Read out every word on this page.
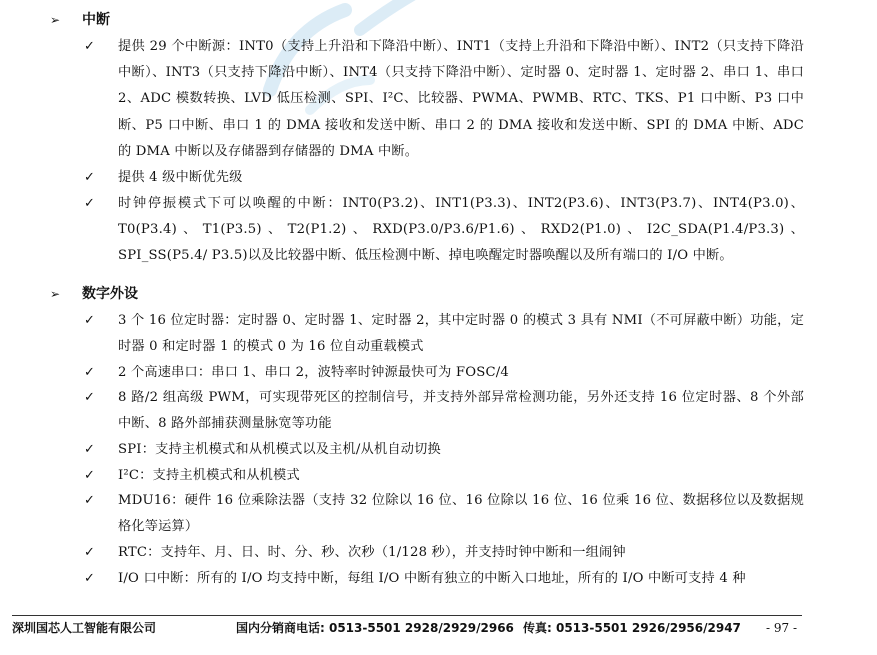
➢ 中断
✓ 提供 29 个中断源：INT0（支持上升沿和下降沿中断）、INT1（支持上升沿和下降沿中断）、INT2（只支持下降沿中断）、INT3（只支持下降沿中断）、INT4（只支持下降沿中断）、定时器 0、定时器 1、定时器 2、串口 1、串口 2、ADC 模数转换、LVD 低压检测、SPI、I²C、比较器、PWMA、PWMB、RTC、TKS、P1 口中断、P3 口中断、P5 口中断、串口 1 的 DMA 接收和发送中断、串口 2 的 DMA 接收和发送中断、SPI 的 DMA 中断、ADC 的 DMA 中断以及存储器到存储器的 DMA 中断。
✓ 提供 4 级中断优先级
✓ 时钟停振模式下可以唤醒的中断：INT0(P3.2)、INT1(P3.3)、INT2(P3.6)、INT3(P3.7)、INT4(P3.0)、T0(P3.4)、T1(P3.5)、T2(P1.2)、RXD(P3.0/P3.6/P1.6)、RXD2(P1.0)、I2C_SDA(P1.4/P3.3)、SPI_SS(P5.4/ P3.5)以及比较器中断、低压检测中断、掉电唤醒定时器唤醒以及所有端口的 I/O 中断。
➢ 数字外设
✓ 3 个 16 位定时器：定时器 0、定时器 1、定时器 2，其中定时器 0 的模式 3 具有 NMI（不可屏蔽中断）功能，定时器 0 和定时器 1 的模式 0 为 16 位自动重载模式
✓ 2 个高速串口：串口 1、串口 2，波特率时钟源最快可为 FOSC/4
✓ 8 路/2 组高级 PWM，可实现带死区的控制信号，并支持外部异常检测功能，另外还支持 16 位定时器、8 个外部中断、8 路外部捕获测量脉宽等功能
✓ SPI：支持主机模式和从机模式以及主机/从机自动切换
✓ I²C：支持主机模式和从机模式
✓ MDU16：硬件 16 位乘除法器（支持 32 位除以 16 位、16 位除以 16 位、16 位乘 16 位、数据移位以及数据规格化等运算）
✓ RTC：支持年、月、日、时、分、秒、次秒（1/128 秒），并支持时钟中断和一组闹钟
✓ I/O 口中断：所有的 I/O 均支持中断，每组 I/O 中断有独立的中断入口地址，所有的 I/O 中断可支持 4 种
深圳国芯人工智能有限公司	国内分销商电话: 0513-5501 2928/2929/2966 传真: 0513-5501 2926/2956/2947 - 97 -
